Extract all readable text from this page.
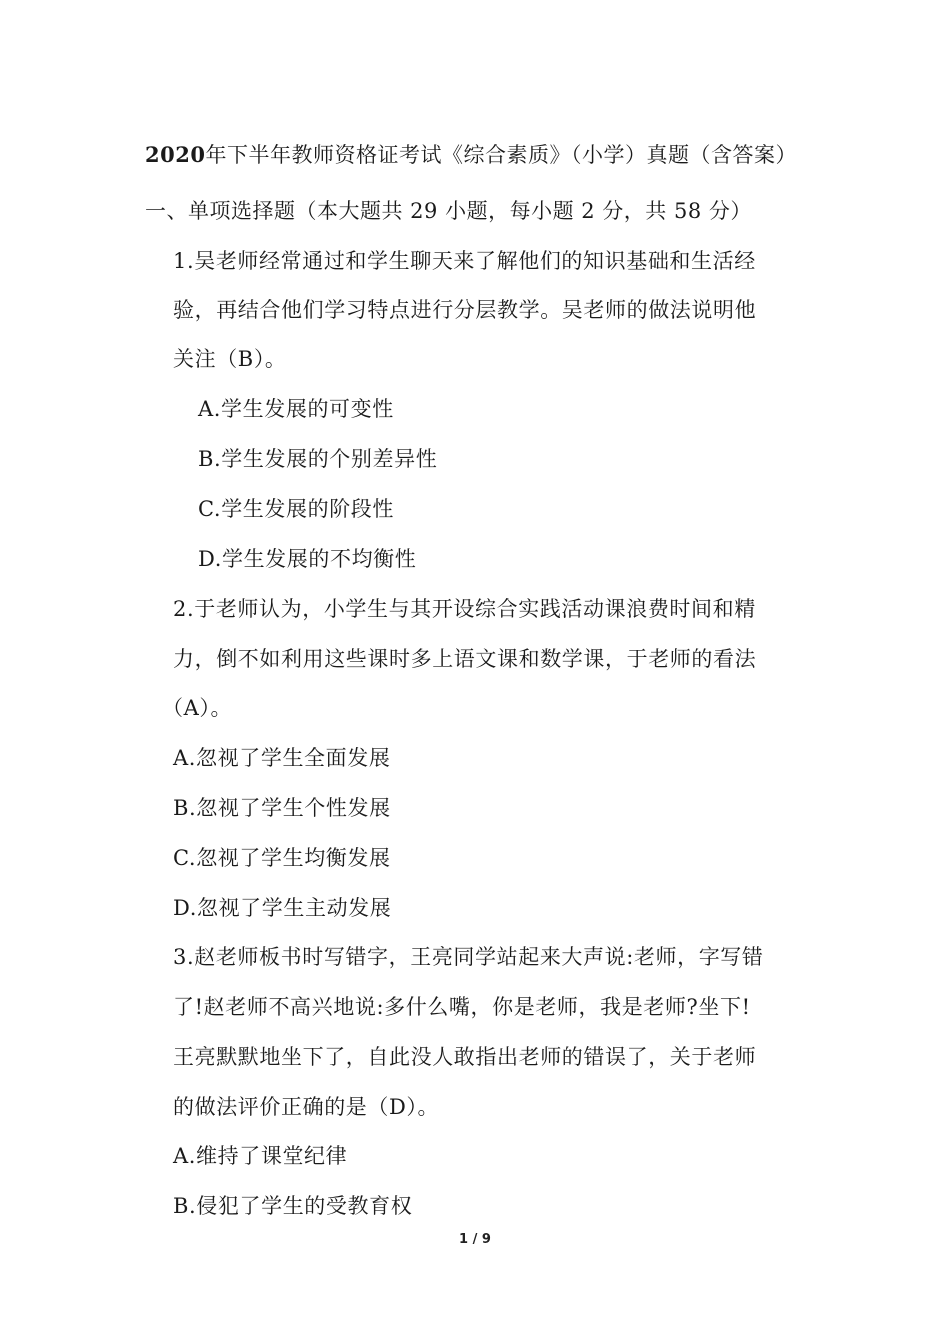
2020年下半年教师资格证考试《综合素质》（小学）真题（含答案）
一、单项选择题（本大题共 29 小题，每小题 2 分，共 58 分）
1.吴老师经常通过和学生聊天来了解他们的知识基础和生活经
验，再结合他们学习特点进行分层教学。吴老师的做法说明他
关注（B）。
A.学生发展的可变性
B.学生发展的个别差异性
C.学生发展的阶段性
D.学生发展的不均衡性
2.于老师认为，小学生与其开设综合实践活动课浪费时间和精
力，倒不如利用这些课时多上语文课和数学课，于老师的看法
（A）。
A.忽视了学生全面发展
B.忽视了学生个性发展
C.忽视了学生均衡发展
D.忽视了学生主动发展
3.赵老师板书时写错字，王亮同学站起来大声说:老师，字写错
了!赵老师不高兴地说:多什么嘴，你是老师，我是老师?坐下!
王亮默默地坐下了，自此没人敢指出老师的错误了，关于老师
的做法评价正确的是（D）。
A.维持了课堂纪律
B.侵犯了学生的受教育权
1 / 9
